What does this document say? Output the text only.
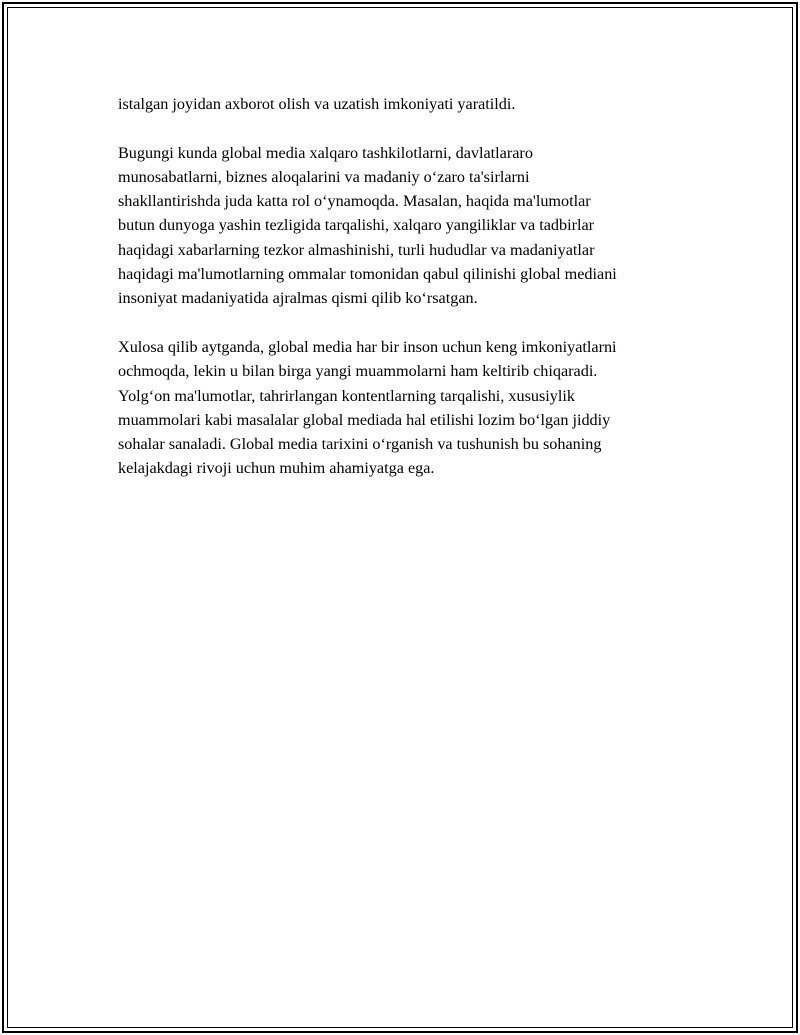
istalgan joyidan axborot olish va uzatish imkoniyati yaratildi.

Bugungi kunda global media xalqaro tashkilotlarni, davlatlararo
munosabatlarni, biznes aloqalarini va madaniy o‘zaro ta'sirlarni
shakllantirishda juda katta rol o‘ynamoqda. Masalan, haqida ma'lumotlar
butun dunyoga yashin tezligida tarqalishi, xalqaro yangiliklar va tadbirlar
haqidagi xabarlarning tezkor almashinishi, turli hududlar va madaniyatlar
haqidagi ma'lumotlarning ommalar tomonidan qabul qilinishi global mediani
insoniyat madaniyatida ajralmas qismi qilib ko‘rsatgan.

Xulosa qilib aytganda, global media har bir inson uchun keng imkoniyatlarni
ochmoqda, lekin u bilan birga yangi muammolarni ham keltirib chiqaradi.
Yolg‘on ma'lumotlar, tahrirlangan kontentlarning tarqalishi, xususiylik
muammolari kabi masalalar global mediada hal etilishi lozim bo‘lgan jiddiy
sohalar sanaladi. Global media tarixini o‘rganish va tushunish bu sohaning
kelajakdagi rivoji uchun muhim ahamiyatga ega.
